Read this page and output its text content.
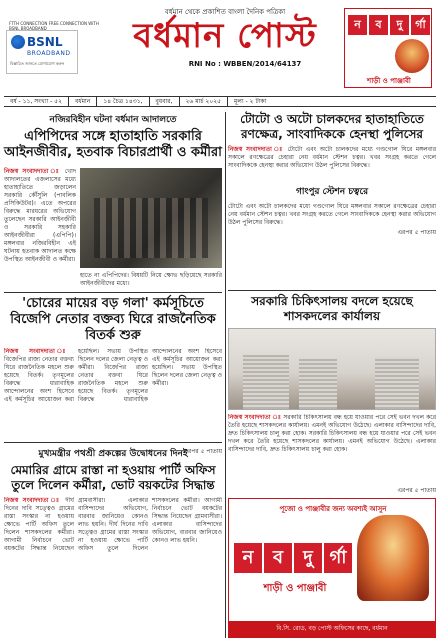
FTTH CONNECTION FREE CONNECTION WITH BSNL BROADBAND
BSNL
BROADBAND
বিস্তারিত জানতে যোগাযোগ করুন
বর্ধমান থেকে প্রকাশিত বাংলা দৈনিক পত্রিকা
বর্ধমান পোস্ট
RNI No : WBBEN/2014/64137
ন	ব	দু	র্গা
শাড়ী ও পাঞ্জাবী
বর্ষ - ১১, সংখ্যা - ৫২	বর্ধমান	১৪ চৈত্র ১৪৩১,	বুধবার,	২৬ মার্চ ২০২৫	মূল্য - ২ টাকা
নজিরবিহীন ঘটনা বর্ধমান আদালতে
এপিপিদের সঙ্গে হাতাহাতি সরকারি আইনজীবীর, হতবাক বিচারপ্রার্থী ও কর্মীরা
নিজস্ব সংবাদদাতা ঃ খোদ আদালতের এজলাসের মধ্যে হাতাহাতিতে জড়ালেন সরকারি কৌঁসুলি (পাবলিক প্রসিকিউটর)। এতে অপরের বিরুদ্ধে মারধরের অভিযোগ তুলেছেন সরকারি আইনজীবী ও সরকারি সহকারি আইনজীবীরা (এপিপি)। মঙ্গলবার নজিরবিহীন এই ঘটনায় হতবাক আদালত কক্ষে উপস্থিত আইনজীবী ও কর্মীরা।
হাতে না এপিপিদের। বিষয়টি নিয়ে ক্ষোভ ছড়িয়েছে সরকারি আইনজীবীদের মধ্যে।
টোটো ও অটো চালকদের হাতাহাতিতে রণক্ষেত্র, সাংবাদিককে হেনস্থা পুলিসের
নিজস্ব সংবাদদাতা ঃ টোটো এবং অটো চালকদের মধ্যে গণ্ডগোল ঘিরে মঙ্গলবার সকালে রণক্ষেত্রের চেহারা নেয় বর্ধমান স্টেশন চত্বর। খবর সংগ্রহ করতে গেলে সাংবাদিককে হেনস্থা করার অভিযোগ উঠল পুলিসের বিরুদ্ধে।
গাংপুর স্টেশন চত্বরে
টোটো এবং অটো চালকদের মধ্যে গণ্ডগোল ঘিরে মঙ্গলবার সকালে রণক্ষেত্রের চেহারা নেয় বর্ধমান স্টেশন চত্বর। খবর সংগ্রহ করতে গেলে সাংবাদিককে হেনস্থা করার অভিযোগ উঠল পুলিসের বিরুদ্ধে।
এরপর ৫ পাতায়
'চোরের মায়ের বড় গলা' কর্মসূচিতে বিজেপি নেতার বক্তব্য ঘিরে রাজনৈতিক বিতর্ক শুরু
নিজস্ব সংবাদদাতা ঃ বিজেপির রাজ্য নেতার বক্তব্য ঘিরে রাজনৈতিক মহলে শুরু হয়েছে বিতর্ক। তৃণমূলের বিরুদ্ধে ধারাবাহিক আন্দোলনের অংশ হিসেবে এই কর্মসূচির আয়োজন করা হয়েছিল। সভায় উপস্থিত ছিলেন দলের জেলা নেতৃত্ব ও কর্মীরা। বিজেপির রাজ্য নেতার বক্তব্য ঘিরে রাজনৈতিক মহলে শুরু হয়েছে বিতর্ক। তৃণমূলের বিরুদ্ধে ধারাবাহিক আন্দোলনের অংশ হিসেবে এই কর্মসূচির আয়োজন করা হয়েছিল। সভায় উপস্থিত ছিলেন দলের জেলা নেতৃত্ব ও কর্মীরা।
এরপর ৫ পাতায়
সরকারি চিকিৎসালয় বদলে হয়েছে শাসকদলের কার্যালয়
নিজস্ব সংবাদদাতা ঃ সরকারি চিকিৎসালয় বন্ধ হয়ে যাওয়ার পরে সেই ভবন দখল করে তৈরি হয়েছে শাসকদলের কার্যালয়। এমনই অভিযোগ উঠেছে। এলাকার বাসিন্দাদের দাবি, দ্রুত চিকিৎসালয় চালু করা হোক। সরকারি চিকিৎসালয় বন্ধ হয়ে যাওয়ার পরে সেই ভবন দখল করে তৈরি হয়েছে শাসকদলের কার্যালয়। এমনই অভিযোগ উঠেছে। এলাকার বাসিন্দাদের দাবি, দ্রুত চিকিৎসালয় চালু করা হোক।
এরপর ৫ পাতায়
মুখ্যমন্ত্রীর পথশ্রী প্রকল্পের উদ্বোধনের দিনই
মেমারির গ্রামে রাস্তা না হওয়ায় পার্টি অফিস তুলে দিলেন কর্মীরা, ভোট বয়কটের সিদ্ধান্ত
নিজস্ব সংবাদদাতা ঃ দীর্ঘ দিনের দাবি সত্ত্বেও গ্রামের রাস্তা সংস্কার না হওয়ায় ক্ষোভে পার্টি অফিস তুলে দিলেন শাসকদলের কর্মীরা। আগামী নির্বাচনে ভোট বয়কটের সিদ্ধান্ত নিয়েছেন গ্রামবাসীরা। এলাকার বাসিন্দাদের অভিযোগ, বারবার জানিয়েও কোনও লাভ হয়নি। দীর্ঘ দিনের দাবি সত্ত্বেও গ্রামের রাস্তা সংস্কার না হওয়ায় ক্ষোভে পার্টি অফিস তুলে দিলেন শাসকদলের কর্মীরা। আগামী নির্বাচনে ভোট বয়কটের সিদ্ধান্ত নিয়েছেন গ্রামবাসীরা। এলাকার বাসিন্দাদের অভিযোগ, বারবার জানিয়েও কোনও লাভ হয়নি।
পূজো ও পাঞ্জাবীর জন্য অবশ্যই আসুন
ন	ব	দু র্গা
শাড়ী ও পাঞ্জাবী
বি.সি. রোড, বড় পোস্ট অফিসের কাছে, বর্ধমান
